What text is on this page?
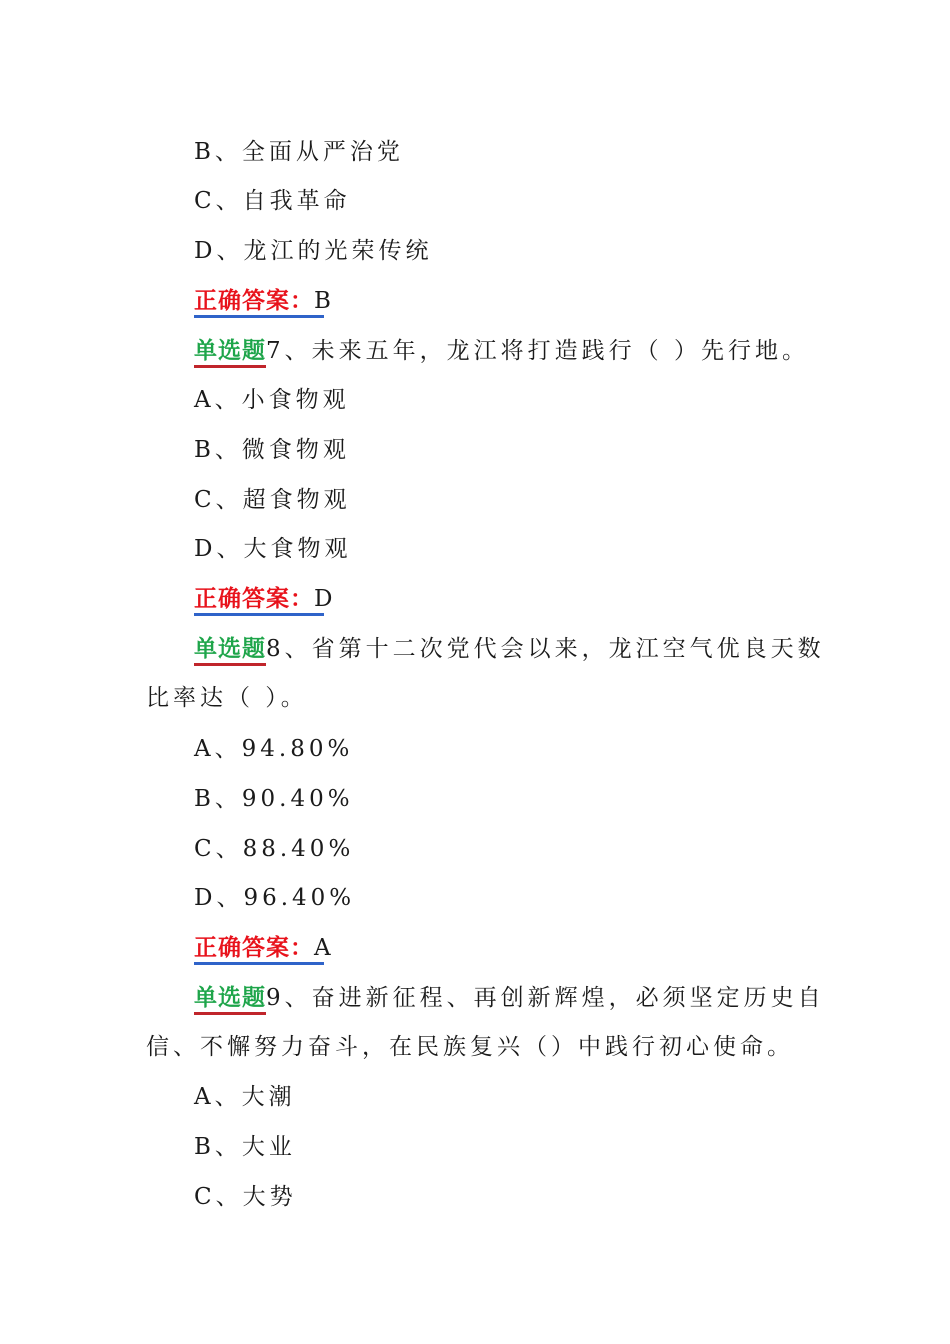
B、全面从严治党
C、自我革命
D、龙江的光荣传统
正确答案：B
单选题7、未来五年，龙江将打造践行（ ）先行地。
A、小食物观
B、微食物观
C、超食物观
D、大食物观
正确答案：D
单选题8、省第十二次党代会以来，龙江空气优良天数
比率达（ ）。
A、94.80%
B、90.40%
C、88.40%
D、96.40%
正确答案：A
单选题9、奋进新征程、再创新辉煌，必须坚定历史自
信、不懈努力奋斗，在民族复兴（）中践行初心使命。
A、大潮
B、大业
C、大势
